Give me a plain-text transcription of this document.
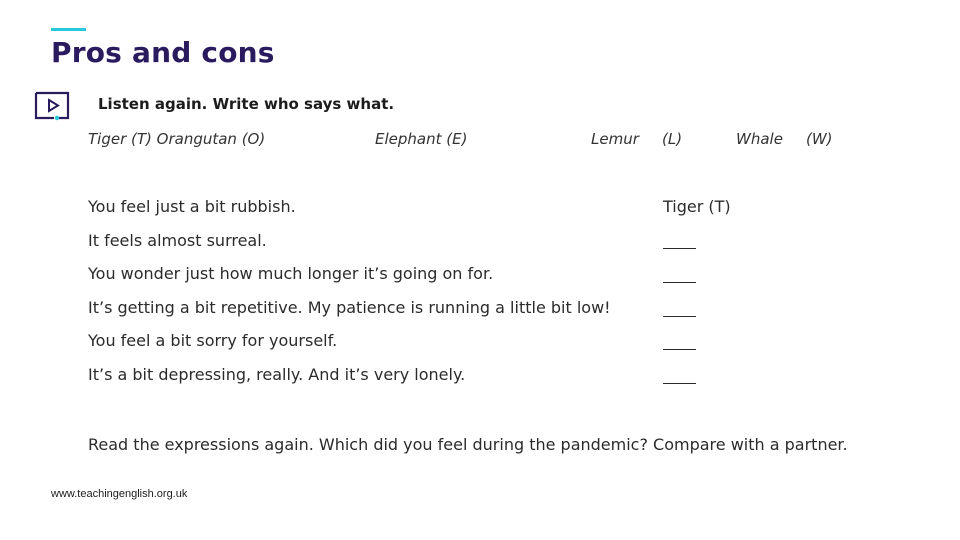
Pros and cons
Listen again. Write who says what.
Tiger (T) Orangutan (O)	Elephant (E)	Lemur (L)	Whale (W)
You feel just a bit rubbish.	Tiger (T)
It feels almost surreal.
You wonder just how much longer it’s going on for.
It’s getting a bit repetitive. My patience is running a little bit low!
You feel a bit sorry for yourself.
It’s a bit depressing, really. And it’s very lonely.
Read the expressions again. Which did you feel during the pandemic? Compare with a partner.
www.teachingenglish.org.uk
